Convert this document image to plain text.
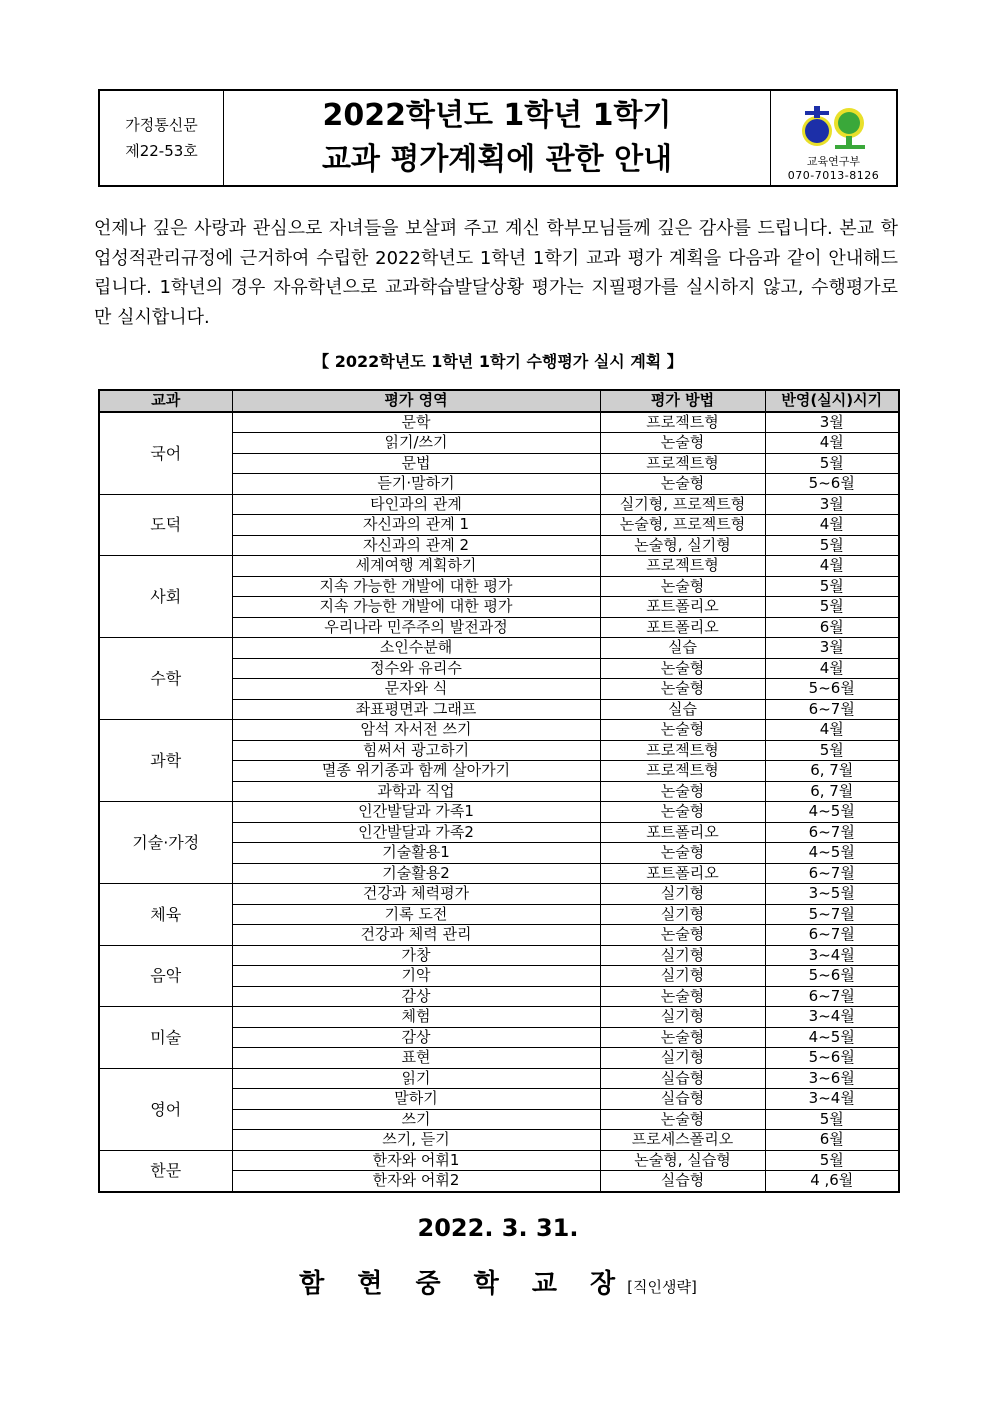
가정통신문
제22-53호
2022학년도 1학년 1학기
교과 평가계획에 관한 안내	교육연구부
070-7013-8126
언제나 깊은 사랑과 관심으로 자녀들을 보살펴 주고 계신 학부모님들께 깊은 감사를 드립니다. 본교 학업성적관리규정에 근거하여 수립한 2022학년도 1학년 1학기 교과 평가 계획을 다음과 같이 안내해드립니다. 1학년의 경우 자유학년으로 교과학습발달상황 평가는 지필평가를 실시하지 않고, 수행평가로만 실시합니다.
【 2022학년도 1학년 1학기 수행평가 실시 계획 】
교과	평가 영역	평가 방법	반영(실시)시기
국어	문학	프로젝트형	3월
	읽기/쓰기	논술형	4월
	문법	프로젝트형	5월
	듣기·말하기	논술형	5~6월
도덕	타인과의 관계	실기형, 프로젝트형	3월
	자신과의 관계 1	논술형, 프로젝트형	4월
	자신과의 관계 2	논술형, 실기형	5월
사회	세계여행 계획하기	프로젝트형	4월
	지속 가능한 개발에 대한 평가	논술형	5월
	지속 가능한 개발에 대한 평가	포트폴리오	5월
	우리나라 민주주의 발전과정	포트폴리오	6월
수학	소인수분해	실습	3월
	정수와 유리수	논술형	4월
	문자와 식	논술형	5~6월
	좌표평면과 그래프	실습	6~7월
과학	암석 자서전 쓰기	논술형	4월
	힘써서 광고하기	프로젝트형	5월
	멸종 위기종과 함께 살아가기	프로젝트형	6, 7월
	과학과 직업	논술형	6, 7월
기술·가정	인간발달과 가족1	논술형	4~5월
	인간발달과 가족2	포트폴리오	6~7월
	기술활용1	논술형	4~5월
	기술활용2	포트폴리오	6~7월
체육	건강과 체력평가	실기형	3~5월
	기록 도전	실기형	5~7월
	건강과 체력 관리	논술형	6~7월
음악	가창	실기형	3~4월
	기악	실기형	5~6월
	감상	논술형	6~7월
미술	체험	실기형	3~4월
	감상	논술형	4~5월
	표현	실기형	5~6월
영어	읽기	실습형	3~6월
	말하기	실습형	3~4월
	쓰기	논술형	5월
	쓰기, 듣기	프로세스폴리오	6월
한문	한자와 어휘1	논술형, 실습형	5월
	한자와 어휘2	실습형	4 ,6월
2022. 3. 31.
함 현 중 학 교 장[직인생략]
